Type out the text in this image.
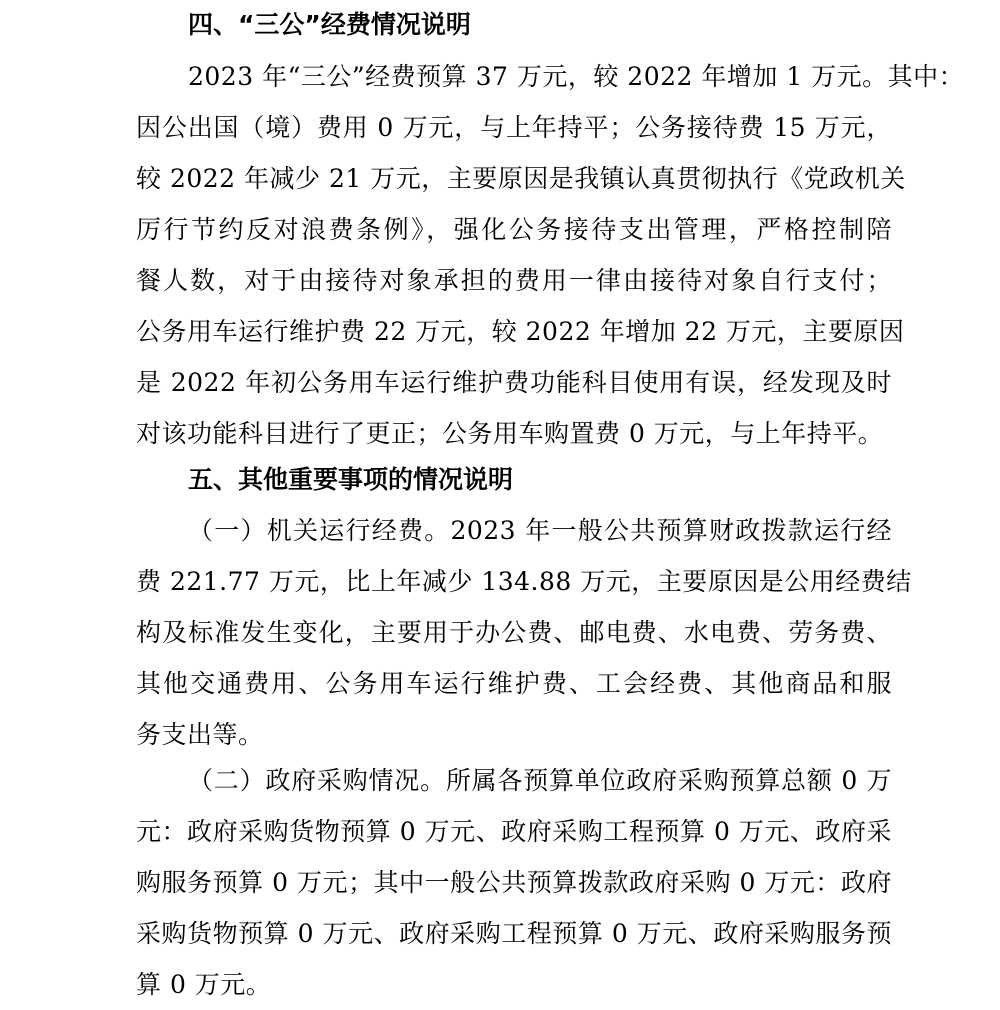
四、“三公”经费情况说明
2023 年“三公”经费预算 37 万元，较 2022 年增加 1 万元。其中：
因公出国（境）费用 0 万元，与上年持平；公务接待费 15 万元，
较 2022 年减少 21 万元，主要原因是我镇认真贯彻执行《党政机关
厉行节约反对浪费条例》，强化公务接待支出管理，严格控制陪
餐人数，对于由接待对象承担的费用一律由接待对象自行支付；
公务用车运行维护费 22 万元，较 2022 年增加 22 万元，主要原因
是 2022 年初公务用车运行维护费功能科目使用有误，经发现及时
对该功能科目进行了更正；公务用车购置费 0 万元，与上年持平。
五、其他重要事项的情况说明
（一）机关运行经费。2023 年一般公共预算财政拨款运行经
费 221.77 万元，比上年减少 134.88 万元，主要原因是公用经费结
构及标准发生变化，主要用于办公费、邮电费、水电费、劳务费、
其他交通费用、公务用车运行维护费、工会经费、其他商品和服
务支出等。
（二）政府采购情况。所属各预算单位政府采购预算总额 0 万
元：政府采购货物预算 0 万元、政府采购工程预算 0 万元、政府采
购服务预算 0 万元；其中一般公共预算拨款政府采购 0 万元：政府
采购货物预算 0 万元、政府采购工程预算 0 万元、政府采购服务预
算 0 万元。
